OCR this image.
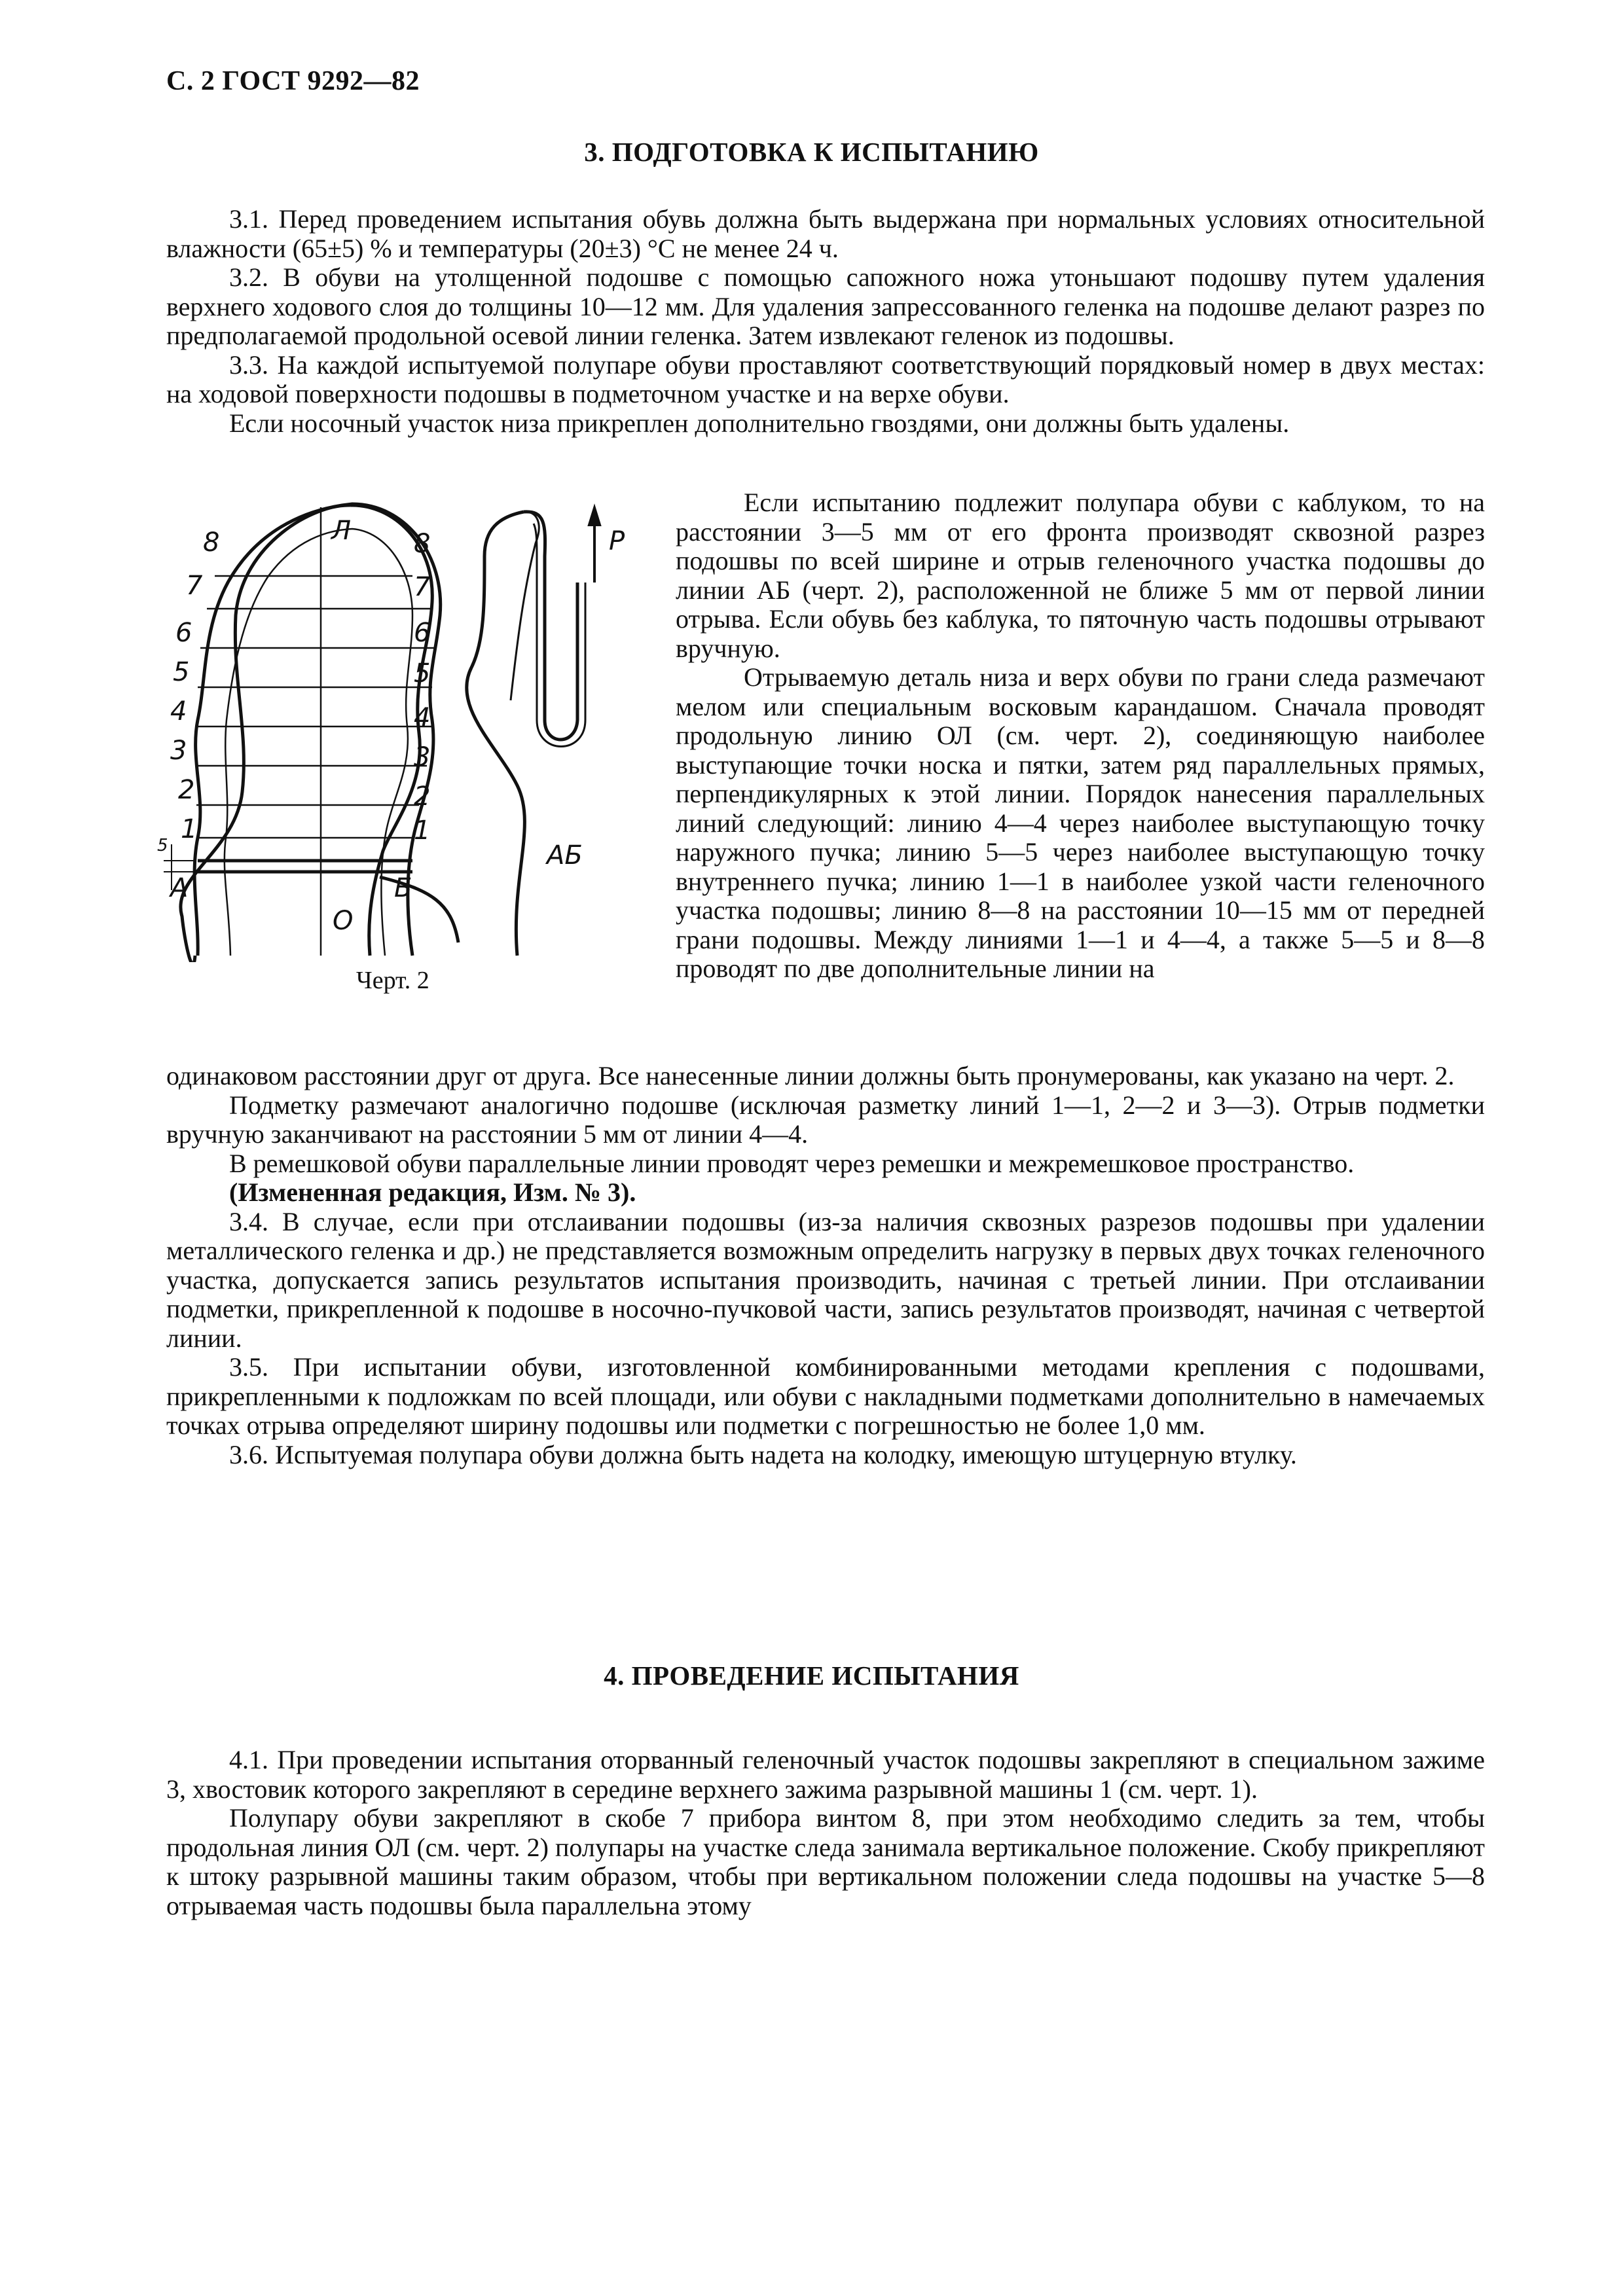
С. 2 ГОСТ 9292—82
3. ПОДГОТОВКА К ИСПЫТАНИЮ

3.1. Перед проведением испытания обувь должна быть выдержана при нормальных условиях относительной влажности (65±5) % и температуры (20±3) °С не менее 24 ч.

3.2. В обуви на утолщенной подошве с помощью сапожного ножа утоньшают подошву путем удаления верхнего ходового слоя до толщины 10—12 мм. Для удаления запрессованного геленка на подошве делают разрез по предполагаемой продольной осевой линии геленка. Затем извлекают геленок из подошвы.

3.3. На каждой испытуемой полупаре обуви проставляют соответствующий порядковый номер в двух местах: на ходовой поверхности подошвы в подметочном участке и на верхе обуви.

Если носочный участок низа прикреплен дополнительно гвоздями, они должны быть удалены.

8
7
6
5
4
3
2
1
Л
О
А	Б
8
7
6
5
4
3
2
1
5
Р
АБ
Черт. 2

Если испытанию подлежит полупара обуви с каблуком, то на расстоянии 3—5 мм от его фронта производят сквозной разрез подошвы по всей ширине и отрыв геленочного участка подошвы до линии АБ (черт. 2), расположенной не ближе 5 мм от первой линии отрыва. Если обувь без каблука, то пяточную часть подошвы отрывают вручную.

Отрываемую деталь низа и верх обуви по грани следа размечают мелом или специальным восковым карандашом. Сначала проводят продольную линию ОЛ (см. черт. 2), соединяющую наиболее выступающие точки носка и пятки, затем ряд параллельных прямых, перпендикулярных к этой линии. Порядок нанесения параллельных линий следующий: линию 4—4 через наиболее выступающую точку наружного пучка; линию 5—5 через наиболее выступающую точку внутреннего пучка; линию 1—1 в наиболее узкой части геленочного участка подошвы; линию 8—8 на расстоянии 10—15 мм от передней грани подошвы. Между линиями 1—1 и 4—4, а также 5—5 и 8—8 проводят по две дополнительные линии на

одинаковом расстоянии друг от друга. Все нанесенные линии должны быть пронумерованы, как указано на черт. 2.

Подметку размечают аналогично подошве (исключая разметку линий 1—1, 2—2 и 3—3). Отрыв подметки вручную заканчивают на расстоянии 5 мм от линии 4—4.

В ремешковой обуви параллельные линии проводят через ремешки и межремешковое пространство.

(Измененная редакция, Изм. № 3).

3.4. В случае, если при отслаивании подошвы (из-за наличия сквозных разрезов подошвы при удалении металлического геленка и др.) не представляется возможным определить нагрузку в первых двух точках геленочного участка, допускается запись результатов испытания производить, начиная с третьей линии. При отслаивании подметки, прикрепленной к подошве в носочно-пучковой части, запись результатов производят, начиная с четвертой линии.

3.5. При испытании обуви, изготовленной комбинированными методами крепления с подошвами, прикрепленными к подложкам по всей площади, или обуви с накладными подметками дополнительно в намечаемых точках отрыва определяют ширину подошвы или подметки с погрешностью не более 1,0 мм.

3.6. Испытуемая полупара обуви должна быть надета на колодку, имеющую штуцерную втулку.

4. ПРОВЕДЕНИЕ ИСПЫТАНИЯ

4.1. При проведении испытания оторванный геленочный участок подошвы закрепляют в специальном зажиме 3, хвостовик которого закрепляют в середине верхнего зажима разрывной машины 1 (см. черт. 1).

Полупару обуви закрепляют в скобе 7 прибора винтом 8, при этом необходимо следить за тем, чтобы продольная линия ОЛ (см. черт. 2) полупары на участке следа занимала вертикальное положение. Скобу прикрепляют к штоку разрывной машины таким образом, чтобы при вертикальном положении следа подошвы на участке 5—8 отрываемая часть подошвы была параллельна этому
